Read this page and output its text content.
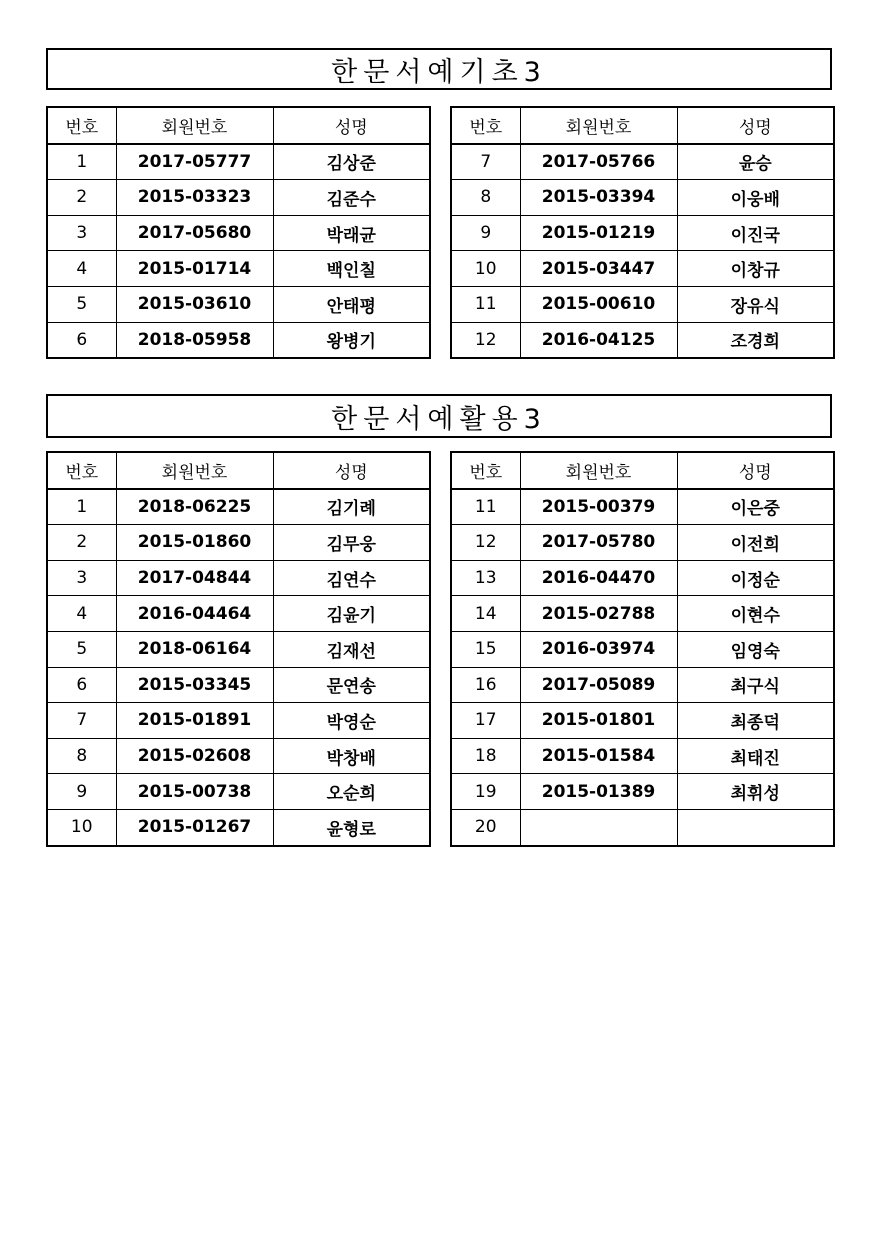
한문서예기초3
번호	회원번호	성명
1	2017-05777	김상준
2	2015-03323	김준수
3	2017-05680	박래균
4	2015-01714	백인칠
5	2015-03610	안태평
6	2018-05958	왕병기
번호	회원번호	성명
7	2017-05766	윤승
8	2015-03394	이웅배
9	2015-01219	이진국
10	2015-03447	이창규
11	2015-00610	장유식
12	2016-04125	조경희
한문서예활용3
번호	회원번호	성명
1	2018-06225	김기례
2	2015-01860	김무웅
3	2017-04844	김연수
4	2016-04464	김윤기
5	2018-06164	김재선
6	2015-03345	문연송
7	2015-01891	박영순
8	2015-02608	박창배
9	2015-00738	오순희
10	2015-01267	윤형로
번호	회원번호	성명
11	2015-00379	이은중
12	2017-05780	이전희
13	2016-04470	이정순
14	2015-02788	이현수
15	2016-03974	임영숙
16	2017-05089	최구식
17	2015-01801	최종덕
18	2015-01584	최태진
19	2015-01389	최휘성
20		
